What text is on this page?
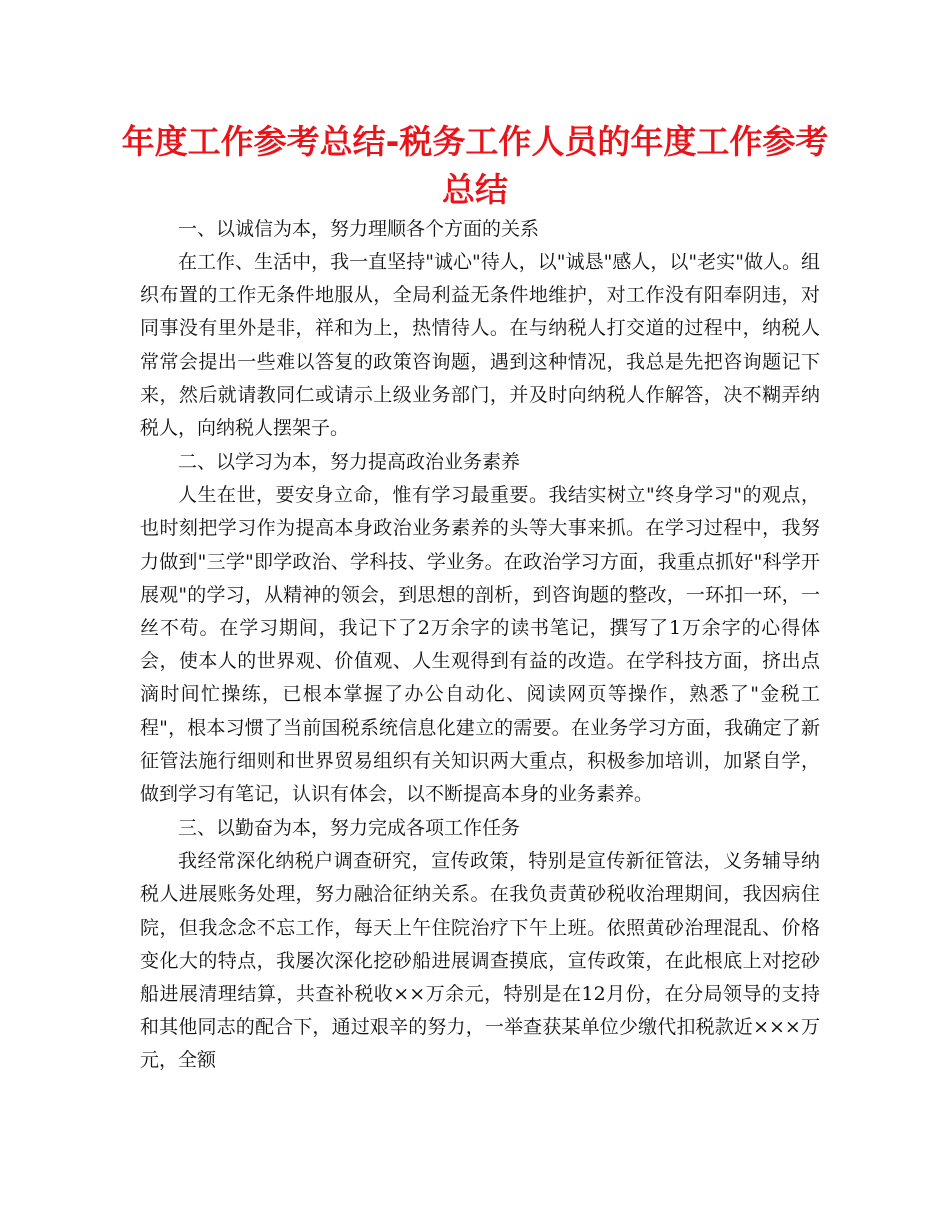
年度工作参考总结-税务工作人员的年度工作参考总结

一、以诚信为本，努力理顺各个方面的关系

在工作、生活中，我一直坚持"诚心"待人，以"诚恳"感人，以"老实"做人。组织布置的工作无条件地服从，全局利益无条件地维护，对工作没有阳奉阴违，对同事没有里外是非，祥和为上，热情待人。在与纳税人打交道的过程中，纳税人常常会提出一些难以答复的政策咨询题，遇到这种情况，我总是先把咨询题记下来，然后就请教同仁或请示上级业务部门，并及时向纳税人作解答，决不糊弄纳税人，向纳税人摆架子。

二、以学习为本，努力提高政治业务素养

人生在世，要安身立命，惟有学习最重要。我结实树立"终身学习"的观点，也时刻把学习作为提高本身政治业务素养的头等大事来抓。在学习过程中，我努力做到"三学"即学政治、学科技、学业务。在政治学习方面，我重点抓好"科学开展观"的学习，从精神的领会，到思想的剖析，到咨询题的整改，一环扣一环，一丝不苟。在学习期间，我记下了2万余字的读书笔记，撰写了1万余字的心得体会，使本人的世界观、价值观、人生观得到有益的改造。在学科技方面，挤出点滴时间忙操练，已根本掌握了办公自动化、阅读网页等操作，熟悉了"金税工程"，根本习惯了当前国税系统信息化建立的需要。在业务学习方面，我确定了新征管法施行细则和世界贸易组织有关知识两大重点，积极参加培训，加紧自学，做到学习有笔记，认识有体会，以不断提高本身的业务素养。

三、以勤奋为本，努力完成各项工作任务

我经常深化纳税户调查研究，宣传政策，特别是宣传新征管法，义务辅导纳税人进展账务处理，努力融洽征纳关系。在我负责黄砂税收治理期间，我因病住院，但我念念不忘工作，每天上午住院治疗下午上班。依照黄砂治理混乱、价格变化大的特点，我屡次深化挖砂船进展调查摸底，宣传政策，在此根底上对挖砂船进展清理结算，共查补税收××万余元，特别是在12月份，在分局领导的支持和其他同志的配合下，通过艰辛的努力，一举查获某单位少缴代扣税款近×××万元，全额
